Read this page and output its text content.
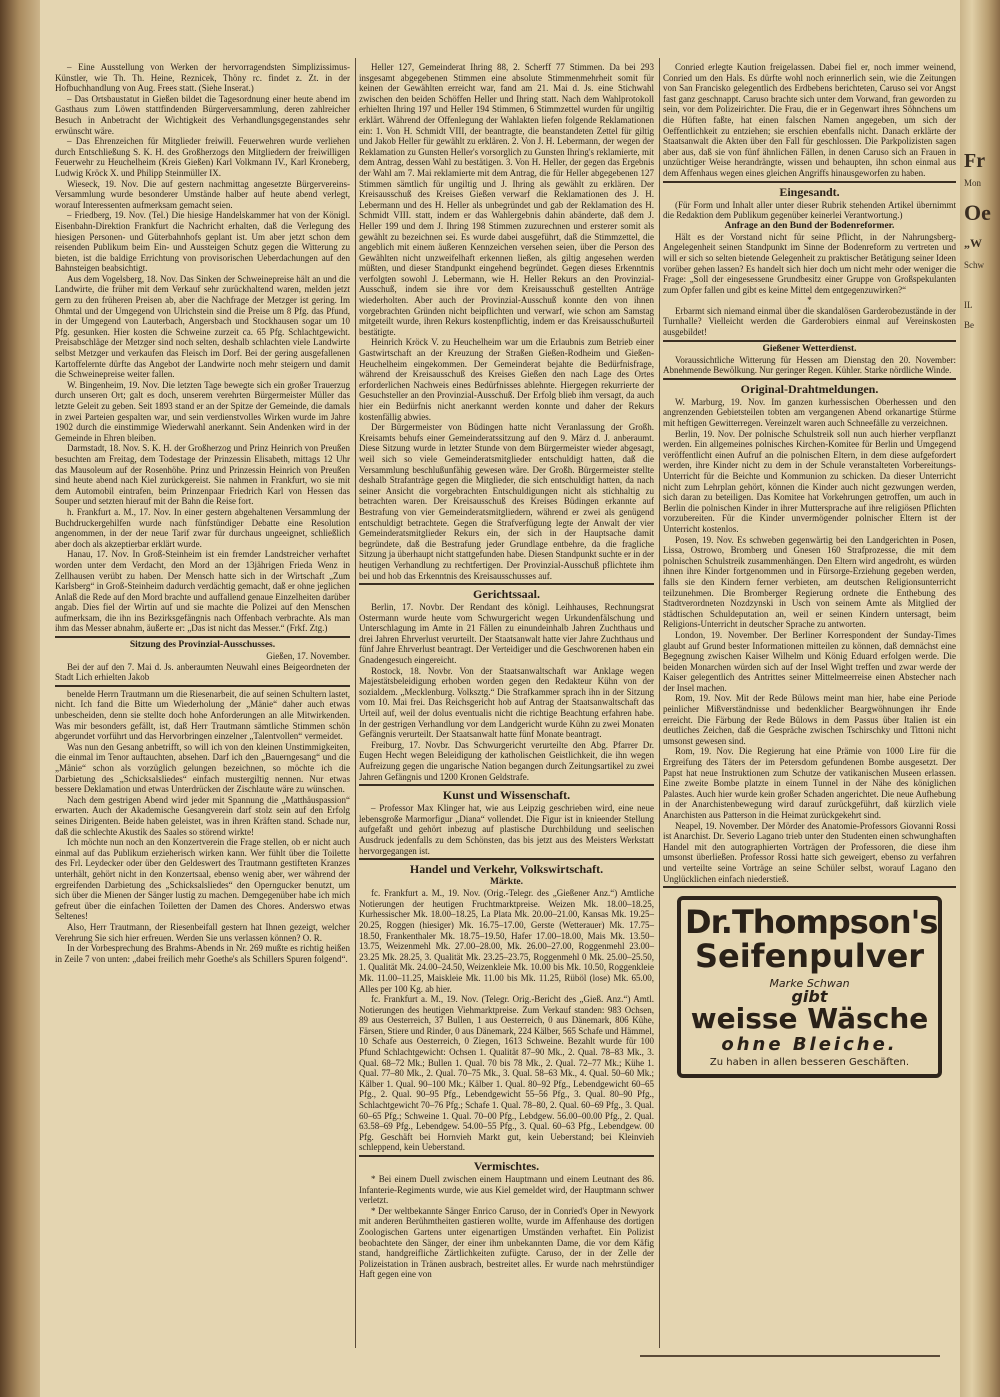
Fr
Mon
Oe
„W
Schw
IL
Be

– Eine Ausstellung von Werken der hervorragendsten Simplizissimus-Künstler, wie Th. Th. Heine, Reznicek, Thöny rc. findet z. Zt. in der Hofbuchhandlung von Aug. Frees statt. (Siehe Inserat.)

– Das Ortsbaustatut in Gießen bildet die Tagesordnung einer heute abend im Gasthaus zum Löwen stattfindenden Bürgerversammlung, deren zahlreicher Besuch in Anbetracht der Wichtigkeit des Verhandlungsgegenstandes sehr erwünscht wäre.

– Das Ehrenzeichen für Mitglieder freiwill. Feuerwehren wurde verliehen durch Entschließung S. K. H. des Großherzogs den Mitgliedern der freiwilligen Feuerwehr zu Heuchelheim (Kreis Gießen) Karl Volkmann IV., Karl Kroneberg, Ludwig Kröck X. und Philipp Steinmüller IX.

Wieseck, 19. Nov. Die auf gestern nachmittag angesetzte Bürgervereins-Versammlung wurde besonderer Umstände halber auf heute abend verlegt, worauf Interessenten aufmerksam gemacht seien.

– Friedberg, 19. Nov. (Tel.) Die hiesige Handelskammer hat von der Königl. Eisenbahn-Direktion Frankfurt die Nachricht erhalten, daß die Verlegung des hiesigen Personen- und Güterbahnhofs geplant ist. Um aber jetzt schon dem reisenden Publikum beim Ein- und Aussteigen Schutz gegen die Witterung zu bieten, ist die baldige Errichtung von provisorischen Ueberdachungen auf den Bahnsteigen beabsichtigt.

Aus dem Vogelsberg, 18. Nov. Das Sinken der Schweinepreise hält an und die Landwirte, die früher mit dem Verkauf sehr zurückhaltend waren, melden jetzt gern zu den früheren Preisen ab, aber die Nachfrage der Metzger ist gering. Im Ohmtal und der Umgegend von Ulrichstein sind die Preise um 8 Pfg. das Pfund, in der Umgegend von Lauterbach, Angersbach und Stockhausen sogar um 10 Pfg. gesunken. Hier kosten die Schweine zurzeit ca. 65 Pfg. Schlachtgewicht. Preisabschläge der Metzger sind noch selten, deshalb schlachten viele Landwirte selbst Metzger und verkaufen das Fleisch im Dorf. Bei der gering ausgefallenen Kartoffelernte dürfte das Angebot der Landwirte noch mehr steigern und damit die Schweinepreise weiter fallen.

W. Bingenheim, 19. Nov. Die letzten Tage bewegte sich ein großer Trauerzug durch unseren Ort; galt es doch, unserem verehrten Bürgermeister Müller das letzte Geleit zu geben. Seit 1893 stand er an der Spitze der Gemeinde, die damals in zwei Parteien gespalten war, und sein verdienstvolles Wirken wurde im Jahre 1902 durch die einstimmige Wiederwahl anerkannt. Sein Andenken wird in der Gemeinde in Ehren bleiben.

Darmstadt, 18. Nov. S. K. H. der Großherzog und Prinz Heinrich von Preußen besuchten am Freitag, dem Todestage der Prinzessin Elisabeth, mittags 12 Uhr das Mausoleum auf der Rosenhöhe. Prinz und Prinzessin Heinrich von Preußen sind heute abend nach Kiel zurückgereist. Sie nahmen in Frankfurt, wo sie mit dem Automobil eintrafen, beim Prinzenpaar Friedrich Karl von Hessen das Souper und setzten hierauf mit der Bahn die Reise fort.

h. Frankfurt a. M., 17. Nov. In einer gestern abgehaltenen Versammlung der Buchdruckergehilfen wurde nach fünfstündiger Debatte eine Resolution angenommen, in der der neue Tarif zwar für durchaus ungeeignet, schließlich aber doch als akzeptierbar erklärt wurde.

Hanau, 17. Nov. In Groß-Steinheim ist ein fremder Landstreicher verhaftet worden unter dem Verdacht, den Mord an der 13jährigen Frieda Wenz in Zellhausen verübt zu haben. Der Mensch hatte sich in der Wirtschaft „Zum Karlsberg“ in Groß-Steinheim dadurch verdächtig gemacht, daß er ohne jeglichen Anlaß die Rede auf den Mord brachte und auffallend genaue Einzelheiten darüber angab. Dies fiel der Wirtin auf und sie machte die Polizei auf den Menschen aufmerksam, die ihn ins Bezirksgefängnis nach Offenbach verbrachte. Als man ihm das Messer abnahm, äußerte er: „Das ist nicht das Messer.“ (Frkf. Ztg.)

Sitzung des Provinzial-Ausschusses.

Gießen, 17. November.

Bei der auf den 7. Mai d. Js. anberaumten Neuwahl eines Beigeordneten der Stadt Lich erhielten Jakob

benelde Herrn Trautmann um die Riesenarbeit, die auf seinen Schultern lastet, nicht. Ich fand die Bitte um Wiederholung der „Mänie“ daher auch etwas unbescheiden, denn sie stellte doch hohe Anforderungen an alle Mitwirkenden. Was mir besonders gefällt, ist, daß Herr Trautmann sämtliche Stimmen schön abgerundet vorführt und das Hervorbringen einzelner „Talentvollen“ vermeidet.

Was nun den Gesang anbetrifft, so will ich von den kleinen Unstimmigkeiten, die einmal im Tenor auftauchten, absehen. Darf ich den „Bauerngesang“ und die „Mänie“ schon als vorzüglich gelungen bezeichnen, so möchte ich die Darbietung des „Schicksalsliedes“ einfach mustergiltig nennen. Nur etwas bessere Deklamation und etwas Unterdrücken der Zischlaute wäre zu wünschen.

Nach dem gestrigen Abend wird jeder mit Spannung die „Matthäuspassion“ erwarten. Auch der Akademische Gesangverein darf stolz sein auf den Erfolg seines Dirigenten. Beide haben geleistet, was in ihren Kräften stand. Schade nur, daß die schlechte Akustik des Saales so störend wirkte!

Ich möchte nun noch an den Konzertverein die Frage stellen, ob er nicht auch einmal auf das Publikum erzieherisch wirken kann. Wer fühlt über die Toilette des Frl. Leydecker oder über den Geldeswert des Trautmann gestifteten Kranzes unterhält, gehört nicht in den Konzertsaal, ebenso wenig aber, wer während der ergreifenden Darbietung des „Schicksalsliedes“ den Operngucker benutzt, um sich über die Mienen der Sänger lustig zu machen. Demgegenüber habe ich mich gefreut über die einfachen Toiletten der Damen des Chores. Anderswo etwas Seltenes!

Also, Herr Trautmann, der Riesenbeifall gestern hat Ihnen gezeigt, welcher Verehrung Sie sich hier erfreuen. Werden Sie uns verlassen können? O. R.

In der Vorbesprechung des Brahms-Abends in Nr. 269 mußte es richtig heißen in Zeile 7 von unten: „dabei freilich mehr Goethe's als Schillers Spuren folgend“.

Heller 127, Gemeinderat Ihring 88, 2. Scherff 77 Stimmen. Da bei 293 insgesamt abgegebenen Stimmen eine absolute Stimmenmehrheit somit für keinen der Gewählten erreicht war, fand am 21. Mai d. Js. eine Stichwahl zwischen den beiden Schöffen Heller und Ihring statt. Nach dem Wahlprotokoll erhielten Ihring 197 und Heller 194 Stimmen, 6 Stimmzettel wurden für ungiltig erklärt. Während der Offenlegung der Wahlakten liefen folgende Reklamationen ein: 1. Von H. Schmidt VIII, der beantragte, die beanstandeten Zettel für giltig und Jakob Heller für gewählt zu erklären. 2. Von J. H. Lebermann, der wegen der Reklamation zu Gunsten Heller's vorsorglich zu Gunsten Ihring's reklamierte, mit dem Antrag, dessen Wahl zu bestätigen. 3. Von H. Heller, der gegen das Ergebnis der Wahl am 7. Mai reklamierte mit dem Antrag, die für Heller abgegebenen 127 Stimmen sämtlich für ungiltig und J. Ihring als gewählt zu erklären. Der Kreisausschuß des Kreises Gießen verwarf die Reklamationen des J. H. Lebermann und des H. Heller als unbegründet und gab der Reklamation des H. Schmidt VIII. statt, indem er das Wahlergebnis dahin abänderte, daß dem J. Heller 199 und dem J. Ihring 198 Stimmen zuzurechnen und ersterer somit als gewählt zu bezeichnen sei. Es wurde dabei ausgeführt, daß die Stimmzettel, die angeblich mit einem äußeren Kennzeichen versehen seien, über die Person des Gewählten nicht unzweifelhaft erkennen ließen, als giltig angesehen werden müßten, und dieser Standpunkt eingehend begründet. Gegen dieses Erkenntnis verfolgten sowohl J. Lebermann, wie H. Heller Rekurs an den Provinzial-Ausschuß, indem sie ihre vor dem Kreisausschuß gestellten Anträge wiederholten. Aber auch der Provinzial-Ausschuß konnte den von ihnen vorgebrachten Gründen nicht beipflichten und verwarf, wie schon am Samstag mitgeteilt wurde, ihren Rekurs kostenpflichtig, indem er das Kreisausschußurteil bestätigte.

Heinrich Kröck V. zu Heuchelheim war um die Erlaubnis zum Betrieb einer Gastwirtschaft an der Kreuzung der Straßen Gießen-Rodheim und Gießen-Heuchelheim eingekommen. Der Gemeinderat bejahte die Bedürfnisfrage, während der Kreisausschuß des Kreises Gießen den nach Lage des Ortes erforderlichen Nachweis eines Bedürfnisses ablehnte. Hiergegen rekurrierte der Gesuchsteller an den Provinzial-Ausschuß. Der Erfolg blieb ihm versagt, da auch hier ein Bedürfnis nicht anerkannt werden konnte und daher der Rekurs kostenfällig abwies.

Der Bürgermeister von Büdingen hatte nicht Veranlassung der Großh. Kreisamts behufs einer Gemeinderatssitzung auf den 9. März d. J. anberaumt. Diese Sitzung wurde in letzter Stunde von dem Bürgermeister wieder abgesagt, weil sich so viele Gemeinderatsmitglieder entschuldigt hatten, daß die Versammlung beschlußunfähig gewesen wäre. Der Großh. Bürgermeister stellte deshalb Strafanträge gegen die Mitglieder, die sich entschuldigt hatten, da nach seiner Ansicht die vorgebrachten Entschuldigungen nicht als stichhaltig zu betrachten waren. Der Kreisausschuß des Kreises Büdingen erkannte auf Bestrafung von vier Gemeinderatsmitgliedern, während er zwei als genügend entschuldigt betrachtete. Gegen die Strafverfügung legte der Anwalt der vier Gemeinderatsmitglieder Rekurs ein, der sich in der Hauptsache damit begründete, daß die Bestrafung jeder Grundlage entbehre, da die fragliche Sitzung ja überhaupt nicht stattgefunden habe. Diesen Standpunkt suchte er in der heutigen Verhandlung zu rechtfertigen. Der Provinzial-Ausschuß pflichtete ihm bei und hob das Erkenntnis des Kreisausschusses auf.

Gerichtssaal.

Berlin, 17. Novbr. Der Rendant des königl. Leihhauses, Rechnungsrat Ostermann wurde heute vom Schwurgericht wegen Urkundenfälschung und Unterschlagung im Amte in 21 Fällen zu einundeinhalb Jahren Zuchthaus und drei Jahren Ehrverlust verurteilt. Der Staatsanwalt hatte vier Jahre Zuchthaus und fünf Jahre Ehrverlust beantragt. Der Verteidiger und die Geschworenen haben ein Gnadengesuch eingereicht.

Rostock, 18. Novbr. Von der Staatsanwaltschaft war Anklage wegen Majestätsbeleidigung erhoben worden gegen den Redakteur Kühn von der sozialdem. „Mecklenburg. Volksztg.“ Die Strafkammer sprach ihn in der Sitzung vom 10. Mai frei. Das Reichsgericht hob auf Antrag der Staatsanwaltschaft das Urteil auf, weil der dolus eventualis nicht die richtige Beachtung erfahren habe. In der gestrigen Verhandlung vor dem Landgericht wurde Kühn zu zwei Monaten Gefängnis verurteilt. Der Staatsanwalt hatte fünf Monate beantragt.

Freiburg, 17. Novbr. Das Schwurgericht verurteilte den Abg. Pfarrer Dr. Eugen Hecht wegen Beleidigung der katholischen Geistlichkeit, die ihn wegen Aufreizung gegen die ungarische Nation begangen durch Zeitungsartikel zu zwei Jahren Gefängnis und 1200 Kronen Geldstrafe.

Kunst und Wissenschaft.

– Professor Max Klinger hat, wie aus Leipzig geschrieben wird, eine neue lebensgroße Marmorfigur „Diana“ vollendet. Die Figur ist in knieender Stellung aufgefaßt und gehört inbezug auf plastische Durchbildung und seelischen Ausdruck jedenfalls zu dem Schönsten, das bis jetzt aus des Meisters Werkstatt hervorgegangen ist.

Handel und Verkehr, Volkswirtschaft.
Märkte.

fc. Frankfurt a. M., 19. Nov. (Orig.-Telegr. des „Gießener Anz.“) Amtliche Notierungen der heutigen Fruchtmarktpreise. Weizen Mk. 18.00–18.25, Kurhessischer Mk. 18.00–18.25, La Plata Mk. 20.00–21.00, Kansas Mk. 19.25–20.25, Roggen (hiesiger) Mk. 16.75–17.00, Gerste (Wetterauer) Mk. 17.75–18.50, Frankenthaler Mk. 18.75–19.50, Hafer 17.00–18.00, Mais Mk. 13.50–13.75, Weizenmehl Mk. 27.00–28.00, Mk. 26.00–27.00, Roggenmehl 23.00–23.25 Mk. 28.25, 3. Qualität Mk. 23.25–23.75, Roggenmehl 0 Mk. 25.00–25.50, 1. Qualität Mk. 24.00–24.50, Weizenkleie Mk. 10.00 bis Mk. 10.50, Roggenkleie Mk. 11.00–11.25, Maiskleie Mk. 11.00 bis Mk. 11.25, Rüböl (lose) Mk. 65.00, Alles per 100 Kg. ab hier.

fc. Frankfurt a. M., 19. Nov. (Telegr. Orig.-Bericht des „Gieß. Anz.“) Amtl. Notierungen des heutigen Viehmarktpreise. Zum Verkauf standen: 983 Ochsen, 89 aus Oesterreich, 37 Bullen, 1 aus Oesterreich, 0 aus Dänemark, 806 Kühe, Färsen, Stiere und Rinder, 0 aus Dänemark, 224 Kälber, 565 Schafe und Hämmel, 10 Schafe aus Oesterreich, 0 Ziegen, 1613 Schweine. Bezahlt wurde für 100 Pfund Schlachtgewicht: Ochsen 1. Qualität 87–90 Mk., 2. Qual. 78–83 Mk., 3. Qual. 68–72 Mk.; Bullen 1. Qual. 70 bis 78 Mk., 2. Qual. 72–77 Mk.; Kühe 1. Qual. 77–80 Mk., 2. Qual. 70–75 Mk., 3. Qual. 58–63 Mk., 4. Qual. 50–60 Mk.; Kälber 1. Qual. 90–100 Mk.; Kälber 1. Qual. 80–92 Pfg., Lebendgewicht 60–65 Pfg., 2. Qual. 90–95 Pfg., Lebendgewicht 55–56 Pfg., 3. Qual. 80–90 Pfg., Schlachtgewicht 70–76 Pfg.; Schafe 1. Qual. 78–80, 2. Qual. 60–69 Pfg., 3. Qual. 60–65 Pfg.; Schweine 1. Qual. 70–00 Pfg., Lebdgew. 56.00–00.00 Pfg., 2. Qual. 63.58–69 Pfg., Lebendgew. 54.00–55 Pfg., 3. Qual. 60–63 Pfg., Lebendgew. 00 Pfg. Geschäft bei Hornvieh Markt gut, kein Ueberstand; bei Kleinvieh schleppend, kein Ueberstand.

Vermischtes.

* Bei einem Duell zwischen einem Hauptmann und einem Leutnant des 86. Infanterie-Regiments wurde, wie aus Kiel gemeldet wird, der Hauptmann schwer verletzt.

* Der weltbekannte Sänger Enrico Caruso, der in Conried's Oper in Newyork mit anderen Berühmtheiten gastieren wollte, wurde im Affenhause des dortigen Zoologischen Gartens unter eigenartigen Umständen verhaftet. Ein Polizist beobachtete den Sänger, der einer ihm unbekannten Dame, die vor dem Käfig stand, handgreifliche Zärtlichkeiten zufügte. Caruso, der in der Zelle der Polizeistation in Tränen ausbrach, bestreitet alles. Er wurde nach mehrstündiger Haft gegen eine von

Conried erlegte Kaution freigelassen. Dabei fiel er, noch immer weinend, Conried um den Hals. Es dürfte wohl noch erinnerlich sein, wie die Zeitungen von San Francisko gelegentlich des Erdbebens berichteten, Caruso sei vor Angst fast ganz geschnappt. Caruso brachte sich unter dem Vorwand, fran geworden zu sein, vor dem Polizeirichter. Die Frau, die er in Gegenwart ihres Söhnchens um die Hüften faßte, hat einen falschen Namen angegeben, um sich der Oeffentlichkeit zu entziehen; sie erschien ebenfalls nicht. Danach erklärte der Staatsanwalt die Akten über den Fall für geschlossen. Die Parkpolizisten sagen aber aus, daß sie von fünf ähnlichen Fällen, in denen Caruso sich an Frauen in unzüchtiger Weise herandrängte, wissen und behaupten, ihn schon einmal aus dem Affenhaus wegen eines gleichen Angriffs hinausgeworfen zu haben.

Eingesandt.

(Für Form und Inhalt aller unter dieser Rubrik stehenden Artikel übernimmt die Redaktion dem Publikum gegenüber keinerlei Verantwortung.)

Anfrage an den Bund der Bodenreformer.

Hält es der Vorstand nicht für seine Pflicht, in der Nahrungsberg-Angelegenheit seinen Standpunkt im Sinne der Bodenreform zu vertreten und will er sich so selten bietende Gelegenheit zu praktischer Betätigung seiner Ideen vorüber gehen lassen? Es handelt sich hier doch um nicht mehr oder weniger die Frage: „Soll der eingesessene Grundbesitz einer Gruppe von Großspekulanten zum Opfer fallen und gibt es keine Mittel dem entgegenzuwirken?“

*

Erbarmt sich niemand einmal über die skandalösen Garderobezustände in der Turnhalle? Vielleicht werden die Garderobiers einmal auf Vereinskosten ausgebildet!

Gießener Wetterdienst.

Voraussichtliche Witterung für Hessen am Dienstag den 20. November: Abnehmende Bewölkung. Nur geringer Regen. Kühler. Starke nördliche Winde.

Original-Drahtmeldungen.

W. Marburg, 19. Nov. Im ganzen kurhessischen Oberhessen und den angrenzenden Gebietsteilen tobten am vergangenen Abend orkanartige Stürme mit heftigen Gewitterregen. Vereinzelt waren auch Schneefälle zu verzeichnen.

Berlin, 19. Nov. Der polnische Schulstreik soll nun auch hierher verpflanzt werden. Ein allgemeines polnisches Kirchen-Komitee für Berlin und Umgegend veröffentlicht einen Aufruf an die polnischen Eltern, in dem diese aufgefordert werden, ihre Kinder nicht zu dem in der Schule veranstalteten Vorbereitungs-Unterricht für die Beichte und Kommunion zu schicken. Da dieser Unterricht nicht zum Lehrplan gehört, können die Kinder auch nicht gezwungen werden, sich daran zu beteiligen. Das Komitee hat Vorkehrungen getroffen, um auch in Berlin die polnischen Kinder in ihrer Muttersprache auf ihre religiösen Pflichten vorzubereiten. Für die Kinder unvermögender polnischer Eltern ist der Unterricht kostenlos.

Posen, 19. Nov. Es schweben gegenwärtig bei den Landgerichten in Posen, Lissa, Ostrowo, Bromberg und Gnesen 160 Strafprozesse, die mit dem polnischen Schulstreik zusammenhängen. Den Eltern wird angedroht, es würden ihnen ihre Kinder fortgenommen und in Fürsorge-Erziehung gegeben werden, falls sie den Kindern ferner verbieten, am deutschen Religionsunterricht teilzunehmen. Die Bromberger Regierung ordnete die Enthebung des Stadtverordneten Nozdzynski in Usch von seinem Amte als Mitglied der städtischen Schuldeputation an, weil er seinen Kindern untersagt, beim Religions-Unterricht in deutscher Sprache zu antworten.

London, 19. November. Der Berliner Korrespondent der Sunday-Times glaubt auf Grund bester Informationen mitteilen zu können, daß demnächst eine Begegnung zwischen Kaiser Wilhelm und König Eduard erfolgen werde. Die beiden Monarchen würden sich auf der Insel Wight treffen und zwar werde der Kaiser gelegentlich des Antrittes seiner Mittelmeerreise einen Abstecher nach der Insel machen.

Rom, 19. Nov. Mit der Rede Bülows meint man hier, habe eine Periode peinlicher Mißverständnisse und bedenklicher Beargwöhnungen ihr Ende erreicht. Die Färbung der Rede Bülows in dem Passus über Italien ist ein deutliches Zeichen, daß die Gespräche zwischen Tschirschky und Tittoni nicht umsonst gewesen sind.

Rom, 19. Nov. Die Regierung hat eine Prämie von 1000 Lire für die Ergreifung des Täters der im Petersdom gefundenen Bombe ausgesetzt. Der Papst hat neue Instruktionen zum Schutze der vatikanischen Museen erlassen. Eine zweite Bombe platzte in einem Tunnel in der Nähe des königlichen Palastes. Auch hier wurde kein großer Schaden angerichtet. Die neue Aufhebung in der Anarchistenbewegung wird darauf zurückgeführt, daß kürzlich viele Anarchisten aus Patterson in die Heimat zurückgekehrt sind.

Neapel, 19. November. Der Mörder des Anatomie-Professors Giovanni Rossi ist Anarchist. Dr. Severio Lagano trieb unter den Studenten einen schwunghaften Handel mit den autographierten Vorträgen der Professoren, die diese ihm umsonst überließen. Professor Rossi hatte sich geweigert, ebenso zu verfahren und verteilte seine Vorträge an seine Schüler selbst, worauf Lagano den Unglücklichen einfach niederstieß.

Dr.Thompson's
Seifenpulver
Marke Schwan
gibt
weisse Wäsche
ohne Bleiche.
Zu haben in allen besseren Geschäften.
